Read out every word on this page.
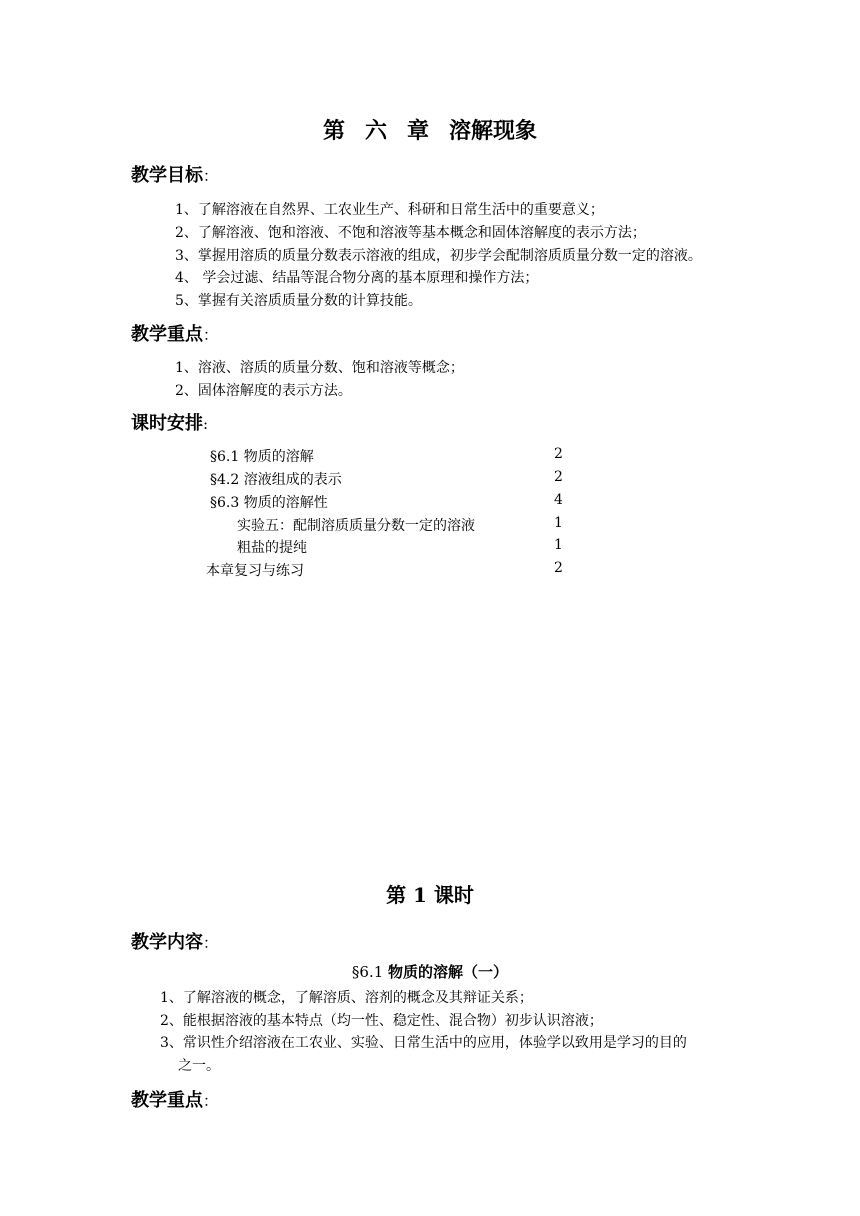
第 六 章 溶解现象
教学目标：
1、了解溶液在自然界、工农业生产、科研和日常生活中的重要意义；
2、了解溶液、饱和溶液、不饱和溶液等基本概念和固体溶解度的表示方法；
3、掌握用溶质的质量分数表示溶液的组成，初步学会配制溶质质量分数一定的溶液。
4、 学会过滤、结晶等混合物分离的基本原理和操作方法；
5、掌握有关溶质质量分数的计算技能。
教学重点：
1、溶液、溶质的质量分数、饱和溶液等概念；
2、固体溶解度的表示方法。
课时安排:
§6.1 物质的溶解	2
§4.2 溶液组成的表示	2
§6.3 物质的溶解性	4
实验五：配制溶质质量分数一定的溶液	1
粗盐的提纯	1
本章复习与练习	2
第 1 课时
教学内容：
§6.1 物质的溶解（一）
1、了解溶液的概念，了解溶质、溶剂的概念及其辩证关系；
2、能根据溶液的基本特点（均一性、稳定性、混合物）初步认识溶液；
3、常识性介绍溶液在工农业、实验、日常生活中的应用，体验学以致用是学习的目的
之一。
教学重点：
